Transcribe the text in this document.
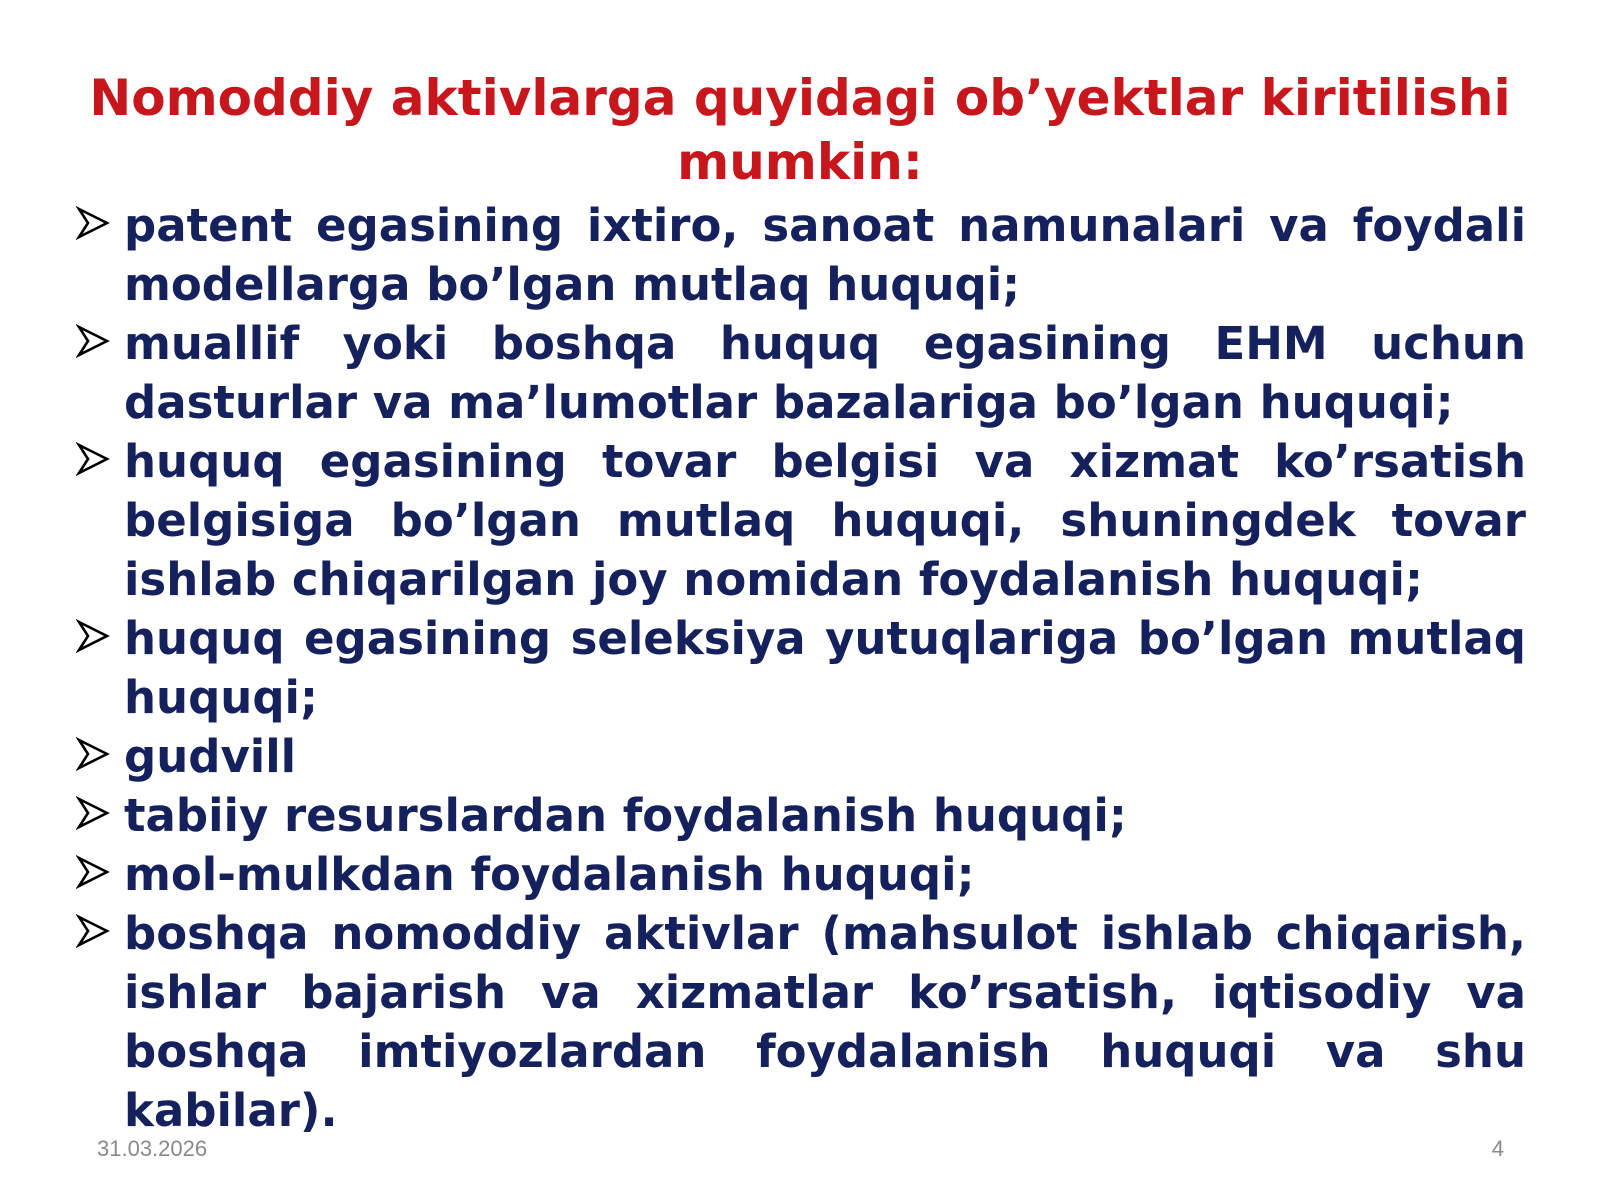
Nomoddiy aktivlarga quyidagi ob’yektlar kiritilishi mumkin:
patent egasining ixtiro, sanoat namunalari va foydali modellarga bo’lgan mutlaq huquqi;
muallif yoki boshqa huquq egasining EHM uchun dasturlar va ma’lumotlar bazalariga bo’lgan huquqi;
huquq egasining tovar belgisi va xizmat ko’rsatish belgisiga bo’lgan mutlaq huquqi, shuningdek tovar ishlab chiqarilgan joy nomidan foydalanish huquqi;
huquq egasining seleksiya yutuqlariga bo’lgan mutlaq huquqi;
gudvill
tabiiy resurslardan foydalanish huquqi;
mol-mulkdan foydalanish huquqi;
boshqa nomoddiy aktivlar (mahsulot ishlab chiqarish, ishlar bajarish va xizmatlar ko’rsatish, iqtisodiy va boshqa imtiyozlardan foydalanish huquqi va shu kabilar).
31.03.2026	4
